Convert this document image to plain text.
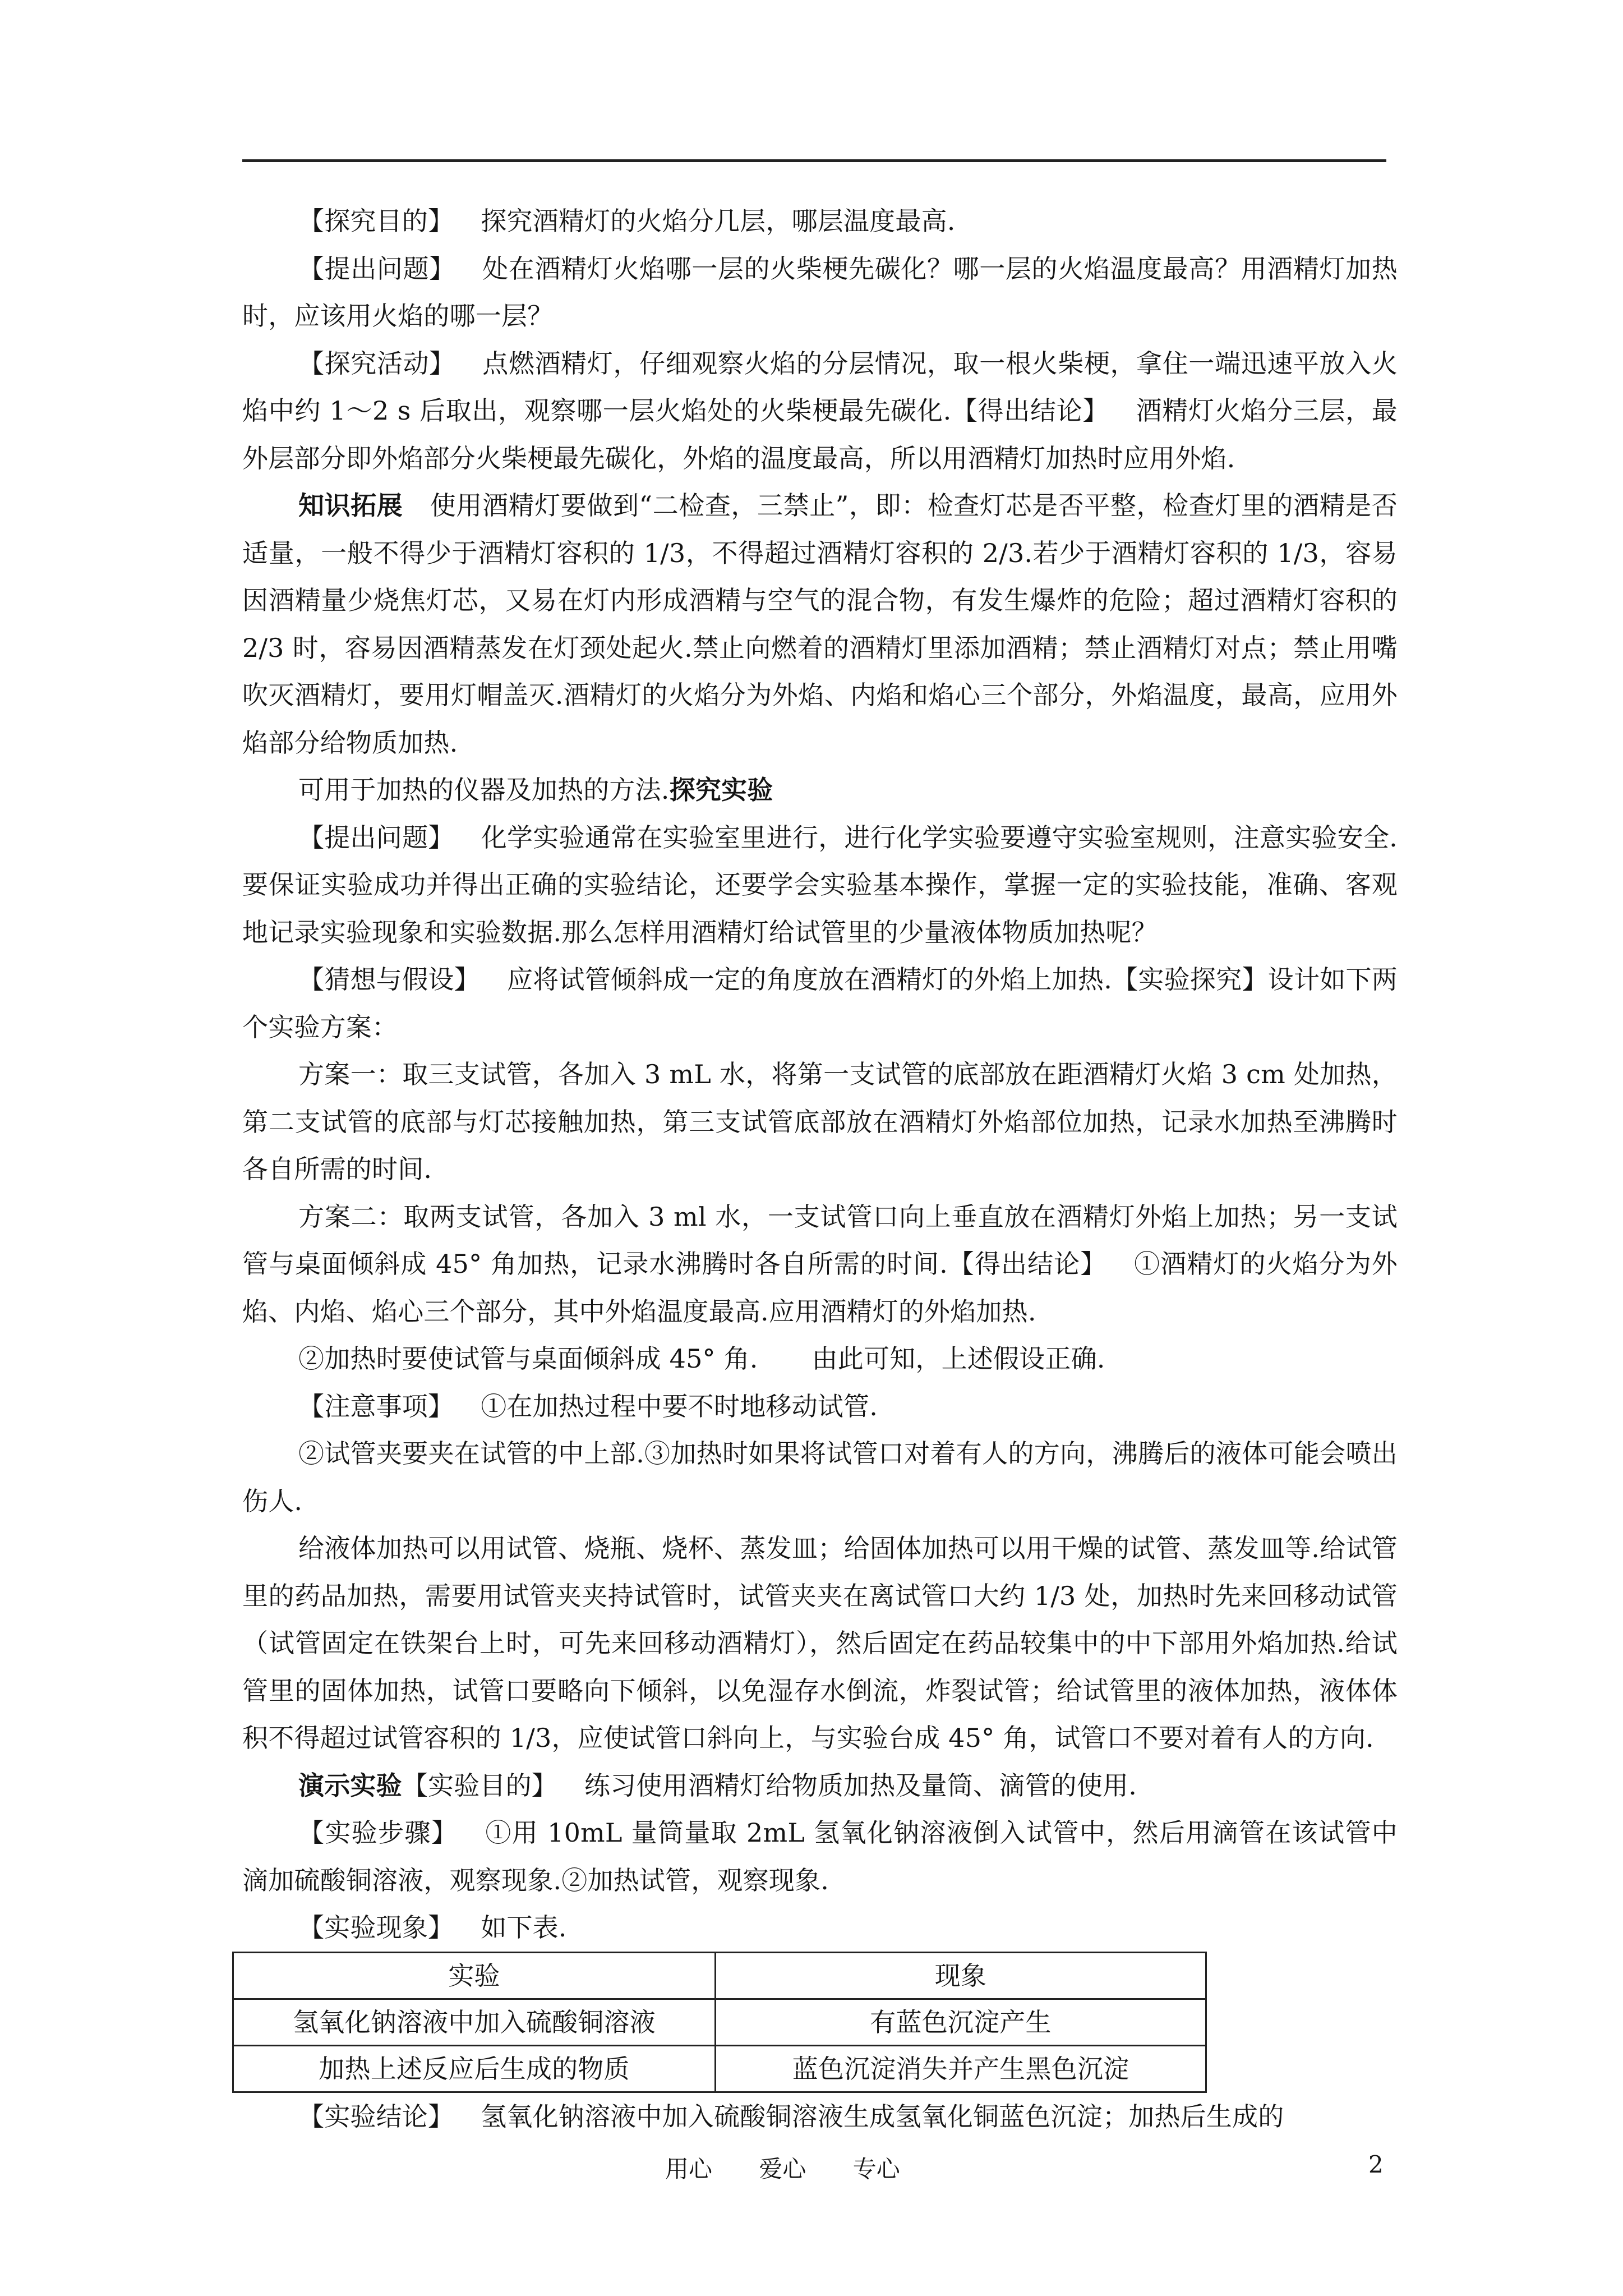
【探究目的】 探究酒精灯的火焰分几层，哪层温度最高.

【提出问题】 处在酒精灯火焰哪一层的火柴梗先碳化？哪一层的火焰温度最高？用酒精灯加热时，应该用火焰的哪一层？

【探究活动】 点燃酒精灯，仔细观察火焰的分层情况，取一根火柴梗，拿住一端迅速平放入火焰中约 1～2 s 后取出，观察哪一层火焰处的火柴梗最先碳化.【得出结论】 酒精灯火焰分三层，最外层部分即外焰部分火柴梗最先碳化，外焰的温度最高，所以用酒精灯加热时应用外焰.

知识拓展 使用酒精灯要做到“二检查，三禁止”，即：检查灯芯是否平整，检查灯里的酒精是否适量，一般不得少于酒精灯容积的 1/3，不得超过酒精灯容积的 2/3.若少于酒精灯容积的 1/3，容易因酒精量少烧焦灯芯，又易在灯内形成酒精与空气的混合物，有发生爆炸的危险；超过酒精灯容积的 2/3 时，容易因酒精蒸发在灯颈处起火.禁止向燃着的酒精灯里添加酒精；禁止酒精灯对点；禁止用嘴吹灭酒精灯，要用灯帽盖灭.酒精灯的火焰分为外焰、内焰和焰心三个部分，外焰温度，最高，应用外焰部分给物质加热.

可用于加热的仪器及加热的方法.探究实验

【提出问题】 化学实验通常在实验室里进行，进行化学实验要遵守实验室规则，注意实验安全.要保证实验成功并得出正确的实验结论，还要学会实验基本操作，掌握一定的实验技能，准确、客观地记录实验现象和实验数据.那么怎样用酒精灯给试管里的少量液体物质加热呢？

【猜想与假设】 应将试管倾斜成一定的角度放在酒精灯的外焰上加热.【实验探究】设计如下两个实验方案：

方案一：取三支试管，各加入 3 mL 水，将第一支试管的底部放在距酒精灯火焰 3 cm 处加热，第二支试管的底部与灯芯接触加热，第三支试管底部放在酒精灯外焰部位加热，记录水加热至沸腾时各自所需的时间.

方案二：取两支试管，各加入 3 ml 水，一支试管口向上垂直放在酒精灯外焰上加热；另一支试管与桌面倾斜成 45° 角加热，记录水沸腾时各自所需的时间.【得出结论】 ①酒精灯的火焰分为外焰、内焰、焰心三个部分，其中外焰温度最高.应用酒精灯的外焰加热.

②加热时要使试管与桌面倾斜成 45° 角. 由此可知，上述假设正确.

【注意事项】 ①在加热过程中要不时地移动试管.

②试管夹要夹在试管的中上部.③加热时如果将试管口对着有人的方向，沸腾后的液体可能会喷出伤人.

给液体加热可以用试管、烧瓶、烧杯、蒸发皿；给固体加热可以用干燥的试管、蒸发皿等.给试管里的药品加热，需要用试管夹夹持试管时，试管夹夹在离试管口大约 1/3 处，加热时先来回移动试管（试管固定在铁架台上时，可先来回移动酒精灯），然后固定在药品较集中的中下部用外焰加热.给试管里的固体加热，试管口要略向下倾斜，以免湿存水倒流，炸裂试管；给试管里的液体加热，液体体积不得超过试管容积的 1/3，应使试管口斜向上，与实验台成 45° 角，试管口不要对着有人的方向.

演示实验【实验目的】 练习使用酒精灯给物质加热及量筒、滴管的使用.

【实验步骤】 ①用 10mL 量筒量取 2mL 氢氧化钠溶液倒入试管中，然后用滴管在该试管中滴加硫酸铜溶液，观察现象.②加热试管，观察现象.

【实验现象】 如下表.

实验	现象
氢氧化钠溶液中加入硫酸铜溶液	有蓝色沉淀产生
加热上述反应后生成的物质	蓝色沉淀消失并产生黑色沉淀

【实验结论】 氢氧化钠溶液中加入硫酸铜溶液生成氢氧化铜蓝色沉淀；加热后生成的

用心 爱心 专心	2
